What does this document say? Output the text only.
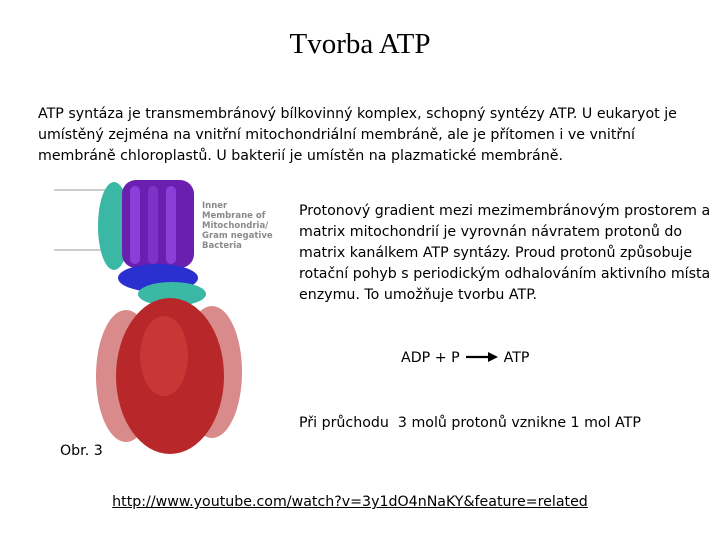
Tvorba ATP
ATP syntáza je transmembránový bílkovinný komplex, schopný syntézy ATP. U eukaryot je umístěný zejména na vnitřní mitochondriální membráně, ale je přítomen i ve vnitřní membráně chloroplastů. U bakterií je umístěn na plazmatické membráně.
Inner
Membrane of
Mitochondria/
Gram negative
Bacteria
Protonový gradient mezi mezimembránovým prostorem a matrix mitochondrií je vyrovnán návratem protonů do matrix kanálkem ATP syntázy. Proud protonů způsobuje rotační pohyb s periodickým odhalováním aktivního místa enzymu. To umožňuje tvorbu ATP.
ADP + P → ATP
Při průchodu  3 molů protonů vznikne 1 mol ATP
Obr. 3
http://www.youtube.com/watch?v=3y1dO4nNaKY&feature=related
